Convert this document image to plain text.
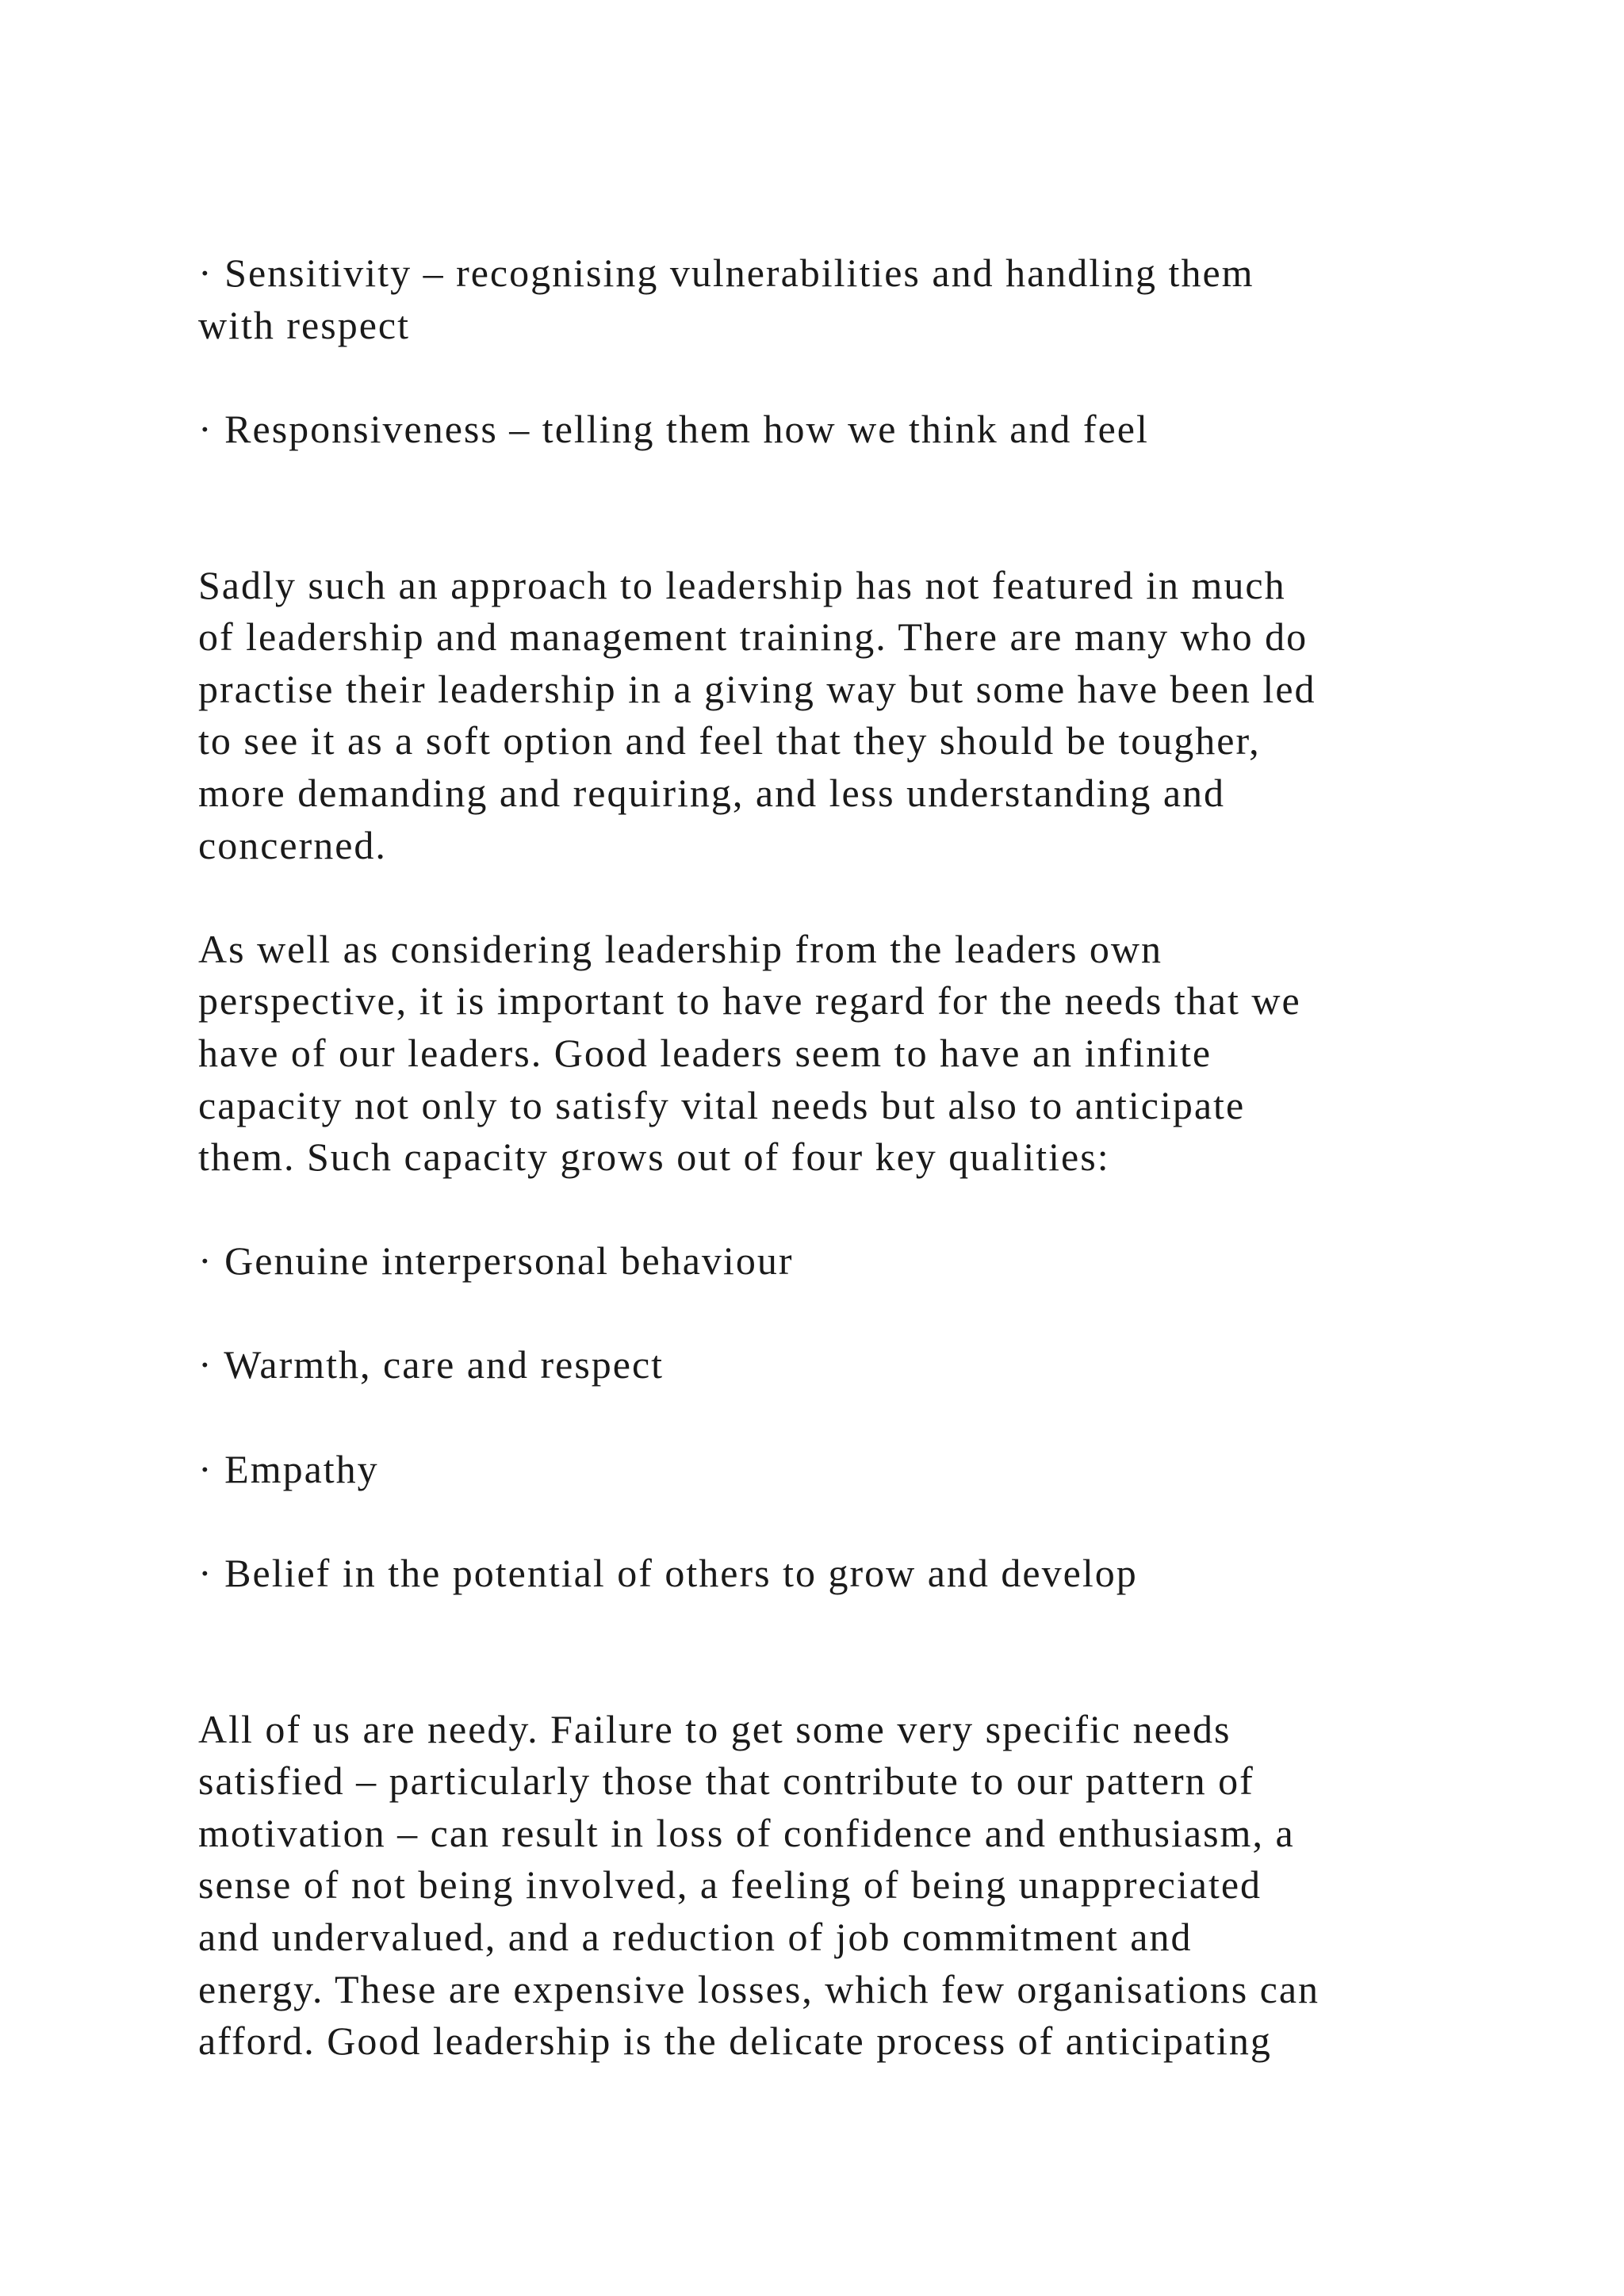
· Sensitivity – recognising vulnerabilities and handling them
with respect
· Responsiveness – telling them how we think and feel
Sadly such an approach to leadership has not featured in much
of leadership and management training. There are many who do
practise their leadership in a giving way but some have been led
to see it as a soft option and feel that they should be tougher,
more demanding and requiring, and less understanding and
concerned.
As well as considering leadership from the leaders own
perspective, it is important to have regard for the needs that we
have of our leaders. Good leaders seem to have an infinite
capacity not only to satisfy vital needs but also to anticipate
them. Such capacity grows out of four key qualities:
· Genuine interpersonal behaviour
· Warmth, care and respect
· Empathy
· Belief in the potential of others to grow and develop
All of us are needy. Failure to get some very specific needs
satisfied – particularly those that contribute to our pattern of
motivation – can result in loss of confidence and enthusiasm, a
sense of not being involved, a feeling of being unappreciated
and undervalued, and a reduction of job commitment and
energy. These are expensive losses, which few organisations can
afford. Good leadership is the delicate process of anticipating
